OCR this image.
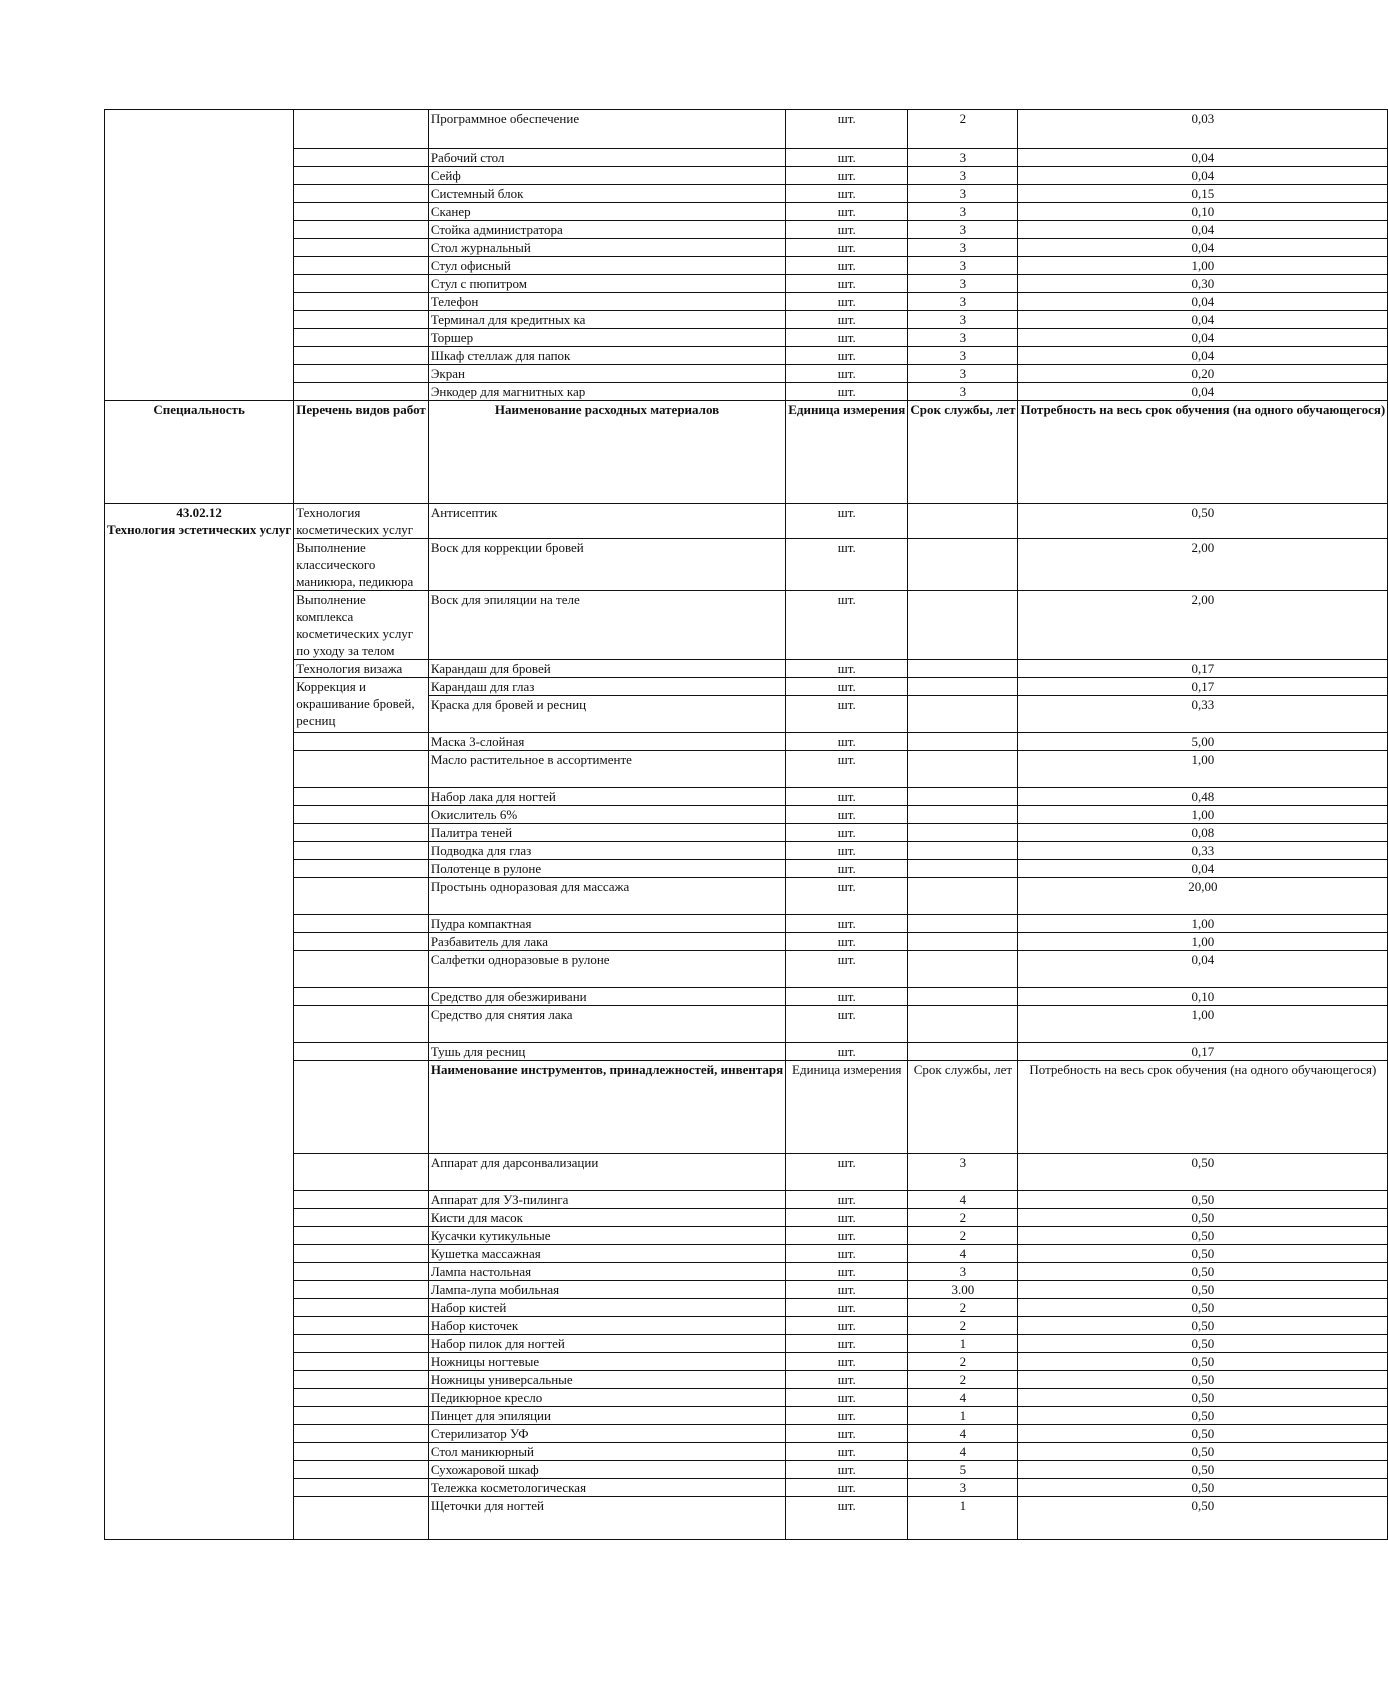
		Программное обеспечение	шт.	2	0,03
		Рабочий стол	шт.	3	0,04
		Сейф	шт.	3	0,04
		Системный блок	шт.	3	0,15
		Сканер	шт.	3	0,10
		Стойка администратора	шт.	3	0,04
		Стол журнальный	шт.	3	0,04
		Стул офисный	шт.	3	1,00
		Стул с пюпитром	шт.	3	0,30
		Телефон	шт.	3	0,04
		Терминал для кредитных ка	шт.	3	0,04
		Торшер	шт.	3	0,04
		Шкаф стеллаж для папок	шт.	3	0,04
		Экран	шт.	3	0,20
		Энкодер для магнитных кар	шт.	3	0,04
Специальность	Перечень видов работ	Наименование расходных материалов	Единица измерения	Срок службы, лет	Потребность на весь срок обучения (на одного обучающегося)

43.02.12
Технология эстетических услуг	Технология косметических услуг	Антисептик	шт.		0,50
	Выполнение классического маникюра, педикюра	Воск для коррекции бровей	шт.		2,00
	Выполнение комплекса косметических услуг по уходу за телом	Воск для эпиляции на теле	шт.		2,00
	Технология визажа	Карандаш для бровей	шт.		0,17
	Коррекция и окрашивание бровей, ресниц	Карандаш для глаз	шт.		0,17
		Краска для бровей и ресниц	шт.		0,33
		Маска 3-слойная	шт.		5,00
		Масло растительное в ассортименте	шт.		1,00
		Набор лака для ногтей	шт.		0,48
		Окислитель 6%	шт.		1,00
		Палитра теней	шт.		0,08
		Подводка для глаз	шт.		0,33
		Полотенце в рулоне	шт.		0,04
		Простынь одноразовая для массажа	шт.		20,00
		Пудра компактная	шт.		1,00
		Разбавитель для лака	шт.		1,00
		Салфетки одноразовые в рулоне	шт.		0,04
		Средство для обезжиривани	шт.		0,10
		Средство для снятия лака	шт.		1,00
		Тушь для ресниц	шт.		0,17
		Наименование инструментов, принадлежностей, инвентаря	Единица измерения	Срок службы, лет	Потребность на весь срок обучения (на одного обучающегося)
		Аппарат для дарсонвализации	шт.	3	0,50
		Аппарат для УЗ-пилинга	шт.	4	0,50
		Кисти для масок	шт.	2	0,50
		Кусачки кутикульные	шт.	2	0,50
		Кушетка массажная	шт.	4	0,50
		Лампа настольная	шт.	3	0,50
		Лампа-лупа мобильная	шт.	3.00	0,50
		Набор кистей	шт.	2	0,50
		Набор кисточек	шт.	2	0,50
		Набор пилок для ногтей	шт.	1	0,50
		Ножницы ногтевые	шт.	2	0,50
		Ножницы универсальные	шт.	2	0,50
		Педикюрное кресло	шт.	4	0,50
		Пинцет для эпиляции	шт.	1	0,50
		Стерилизатор УФ	шт.	4	0,50
		Стол маникюрный	шт.	4	0,50
		Сухожаровой шкаф	шт.	5	0,50
		Тележка косметологическая	шт.	3	0,50
		Щеточки для ногтей	шт.	1	0,50
